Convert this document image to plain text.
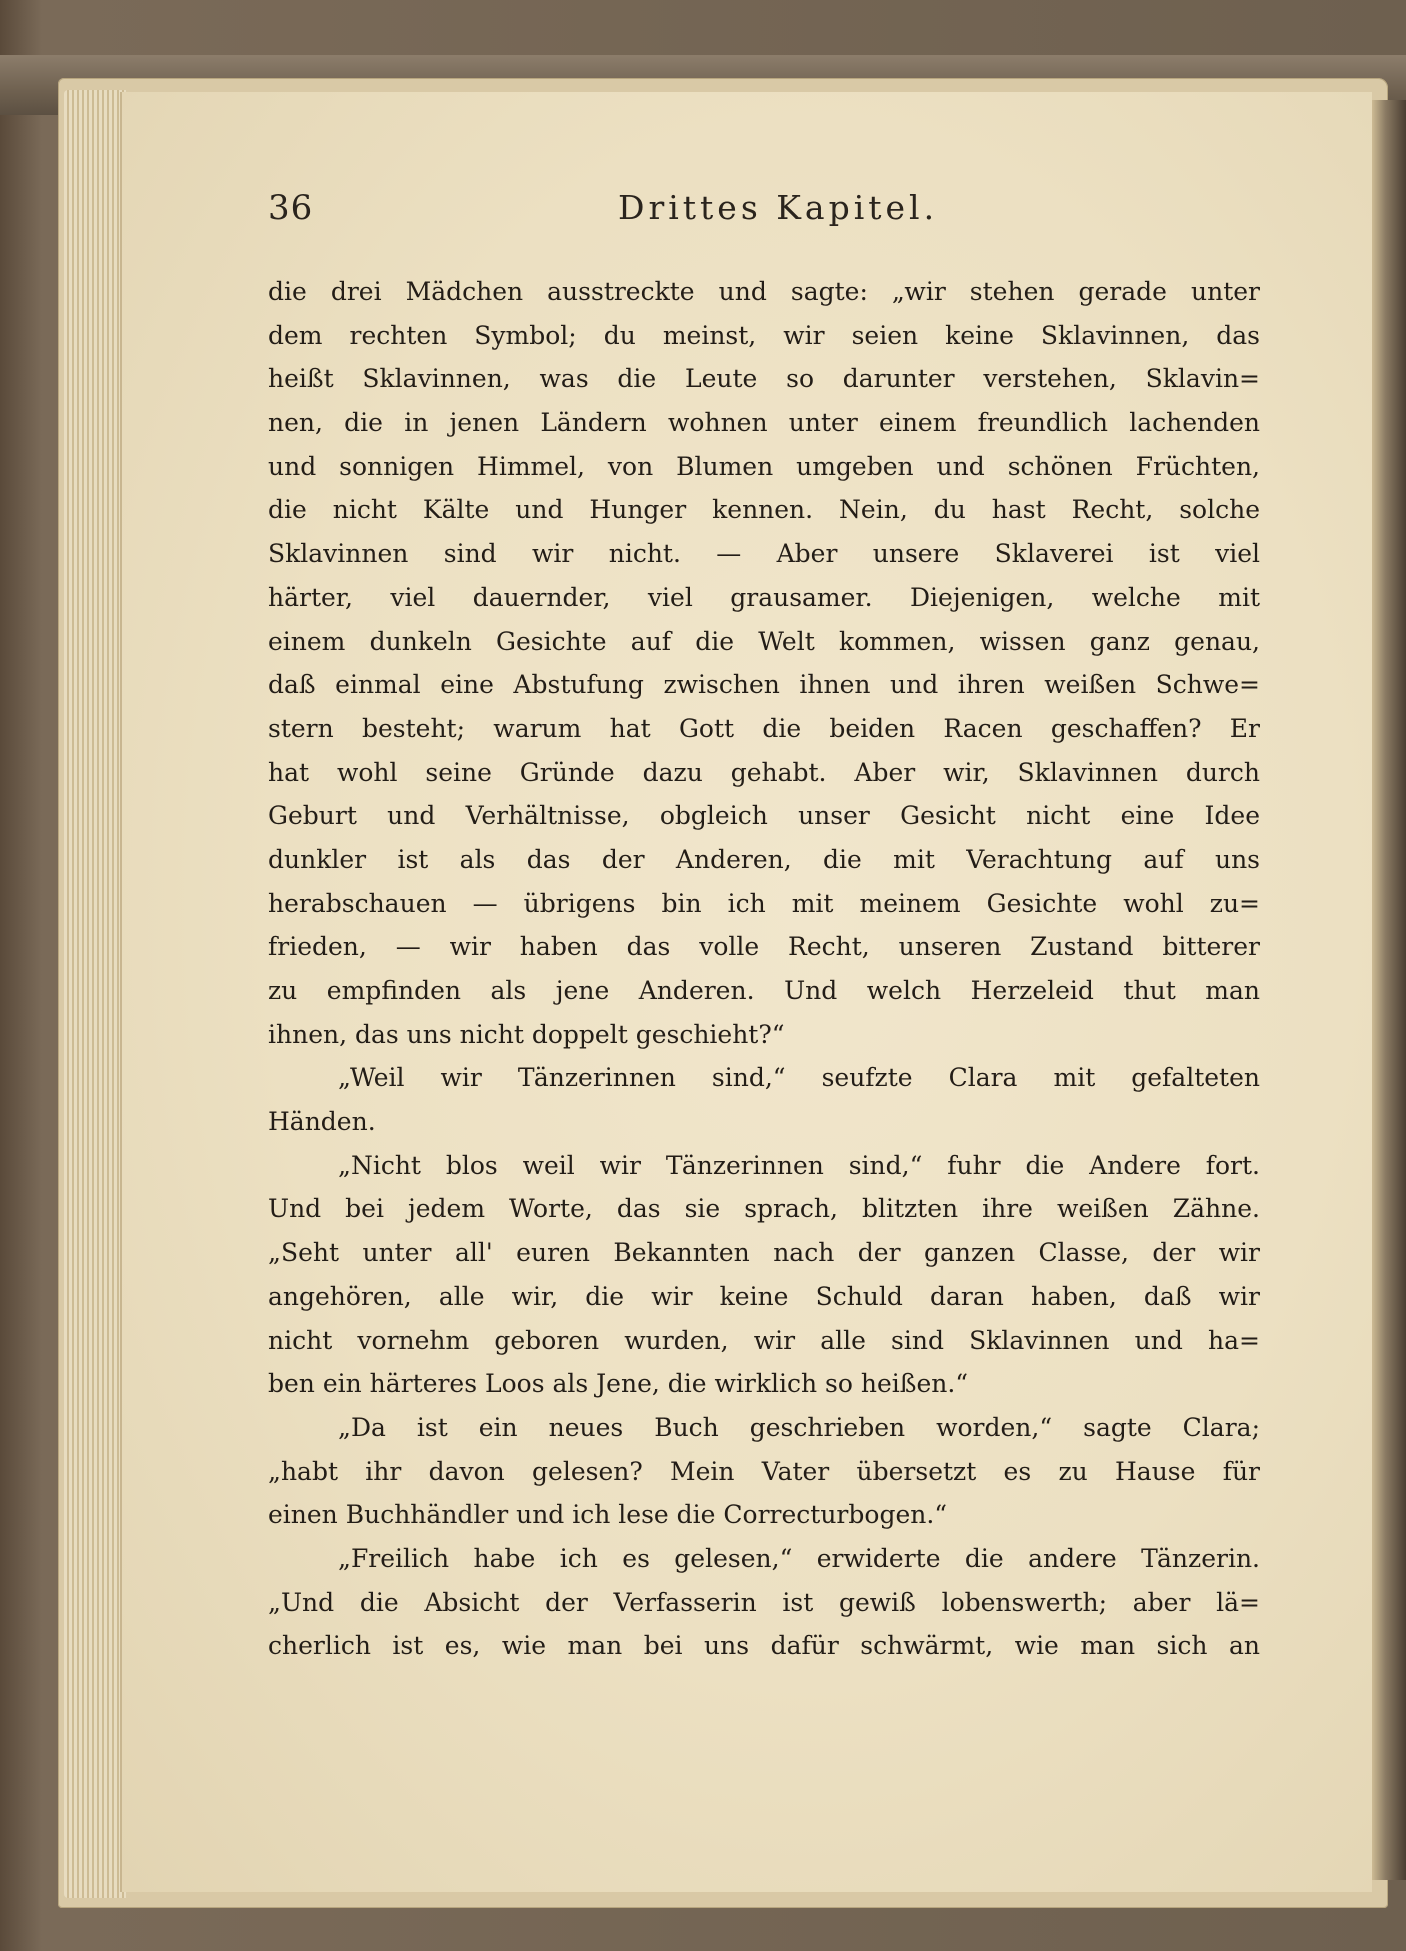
36	Drittes Kapitel.
die drei Mädchen ausstreckte und sagte: „wir stehen gerade unter
dem rechten Symbol; du meinst, wir seien keine Sklavinnen, das
heißt Sklavinnen, was die Leute so darunter verstehen, Sklavin=
nen, die in jenen Ländern wohnen unter einem freundlich lachenden
und sonnigen Himmel, von Blumen umgeben und schönen Früchten,
die nicht Kälte und Hunger kennen. Nein, du hast Recht, solche
Sklavinnen sind wir nicht. — Aber unsere Sklaverei ist viel
härter, viel dauernder, viel grausamer. Diejenigen, welche mit
einem dunkeln Gesichte auf die Welt kommen, wissen ganz genau,
daß einmal eine Abstufung zwischen ihnen und ihren weißen Schwe=
stern besteht; warum hat Gott die beiden Racen geschaffen? Er
hat wohl seine Gründe dazu gehabt. Aber wir, Sklavinnen durch
Geburt und Verhältnisse, obgleich unser Gesicht nicht eine Idee
dunkler ist als das der Anderen, die mit Verachtung auf uns
herabschauen — übrigens bin ich mit meinem Gesichte wohl zu=
frieden, — wir haben das volle Recht, unseren Zustand bitterer
zu empfinden als jene Anderen. Und welch Herzeleid thut man
ihnen, das uns nicht doppelt geschieht?“
„Weil wir Tänzerinnen sind,“ seufzte Clara mit gefalteten
Händen.
„Nicht blos weil wir Tänzerinnen sind,“ fuhr die Andere fort.
Und bei jedem Worte, das sie sprach, blitzten ihre weißen Zähne.
„Seht unter all' euren Bekannten nach der ganzen Classe, der wir
angehören, alle wir, die wir keine Schuld daran haben, daß wir
nicht vornehm geboren wurden, wir alle sind Sklavinnen und ha=
ben ein härteres Loos als Jene, die wirklich so heißen.“
„Da ist ein neues Buch geschrieben worden,“ sagte Clara;
„habt ihr davon gelesen? Mein Vater übersetzt es zu Hause für
einen Buchhändler und ich lese die Correcturbogen.“
„Freilich habe ich es gelesen,“ erwiderte die andere Tänzerin.
„Und die Absicht der Verfasserin ist gewiß lobenswerth; aber lä=
cherlich ist es, wie man bei uns dafür schwärmt, wie man sich an
